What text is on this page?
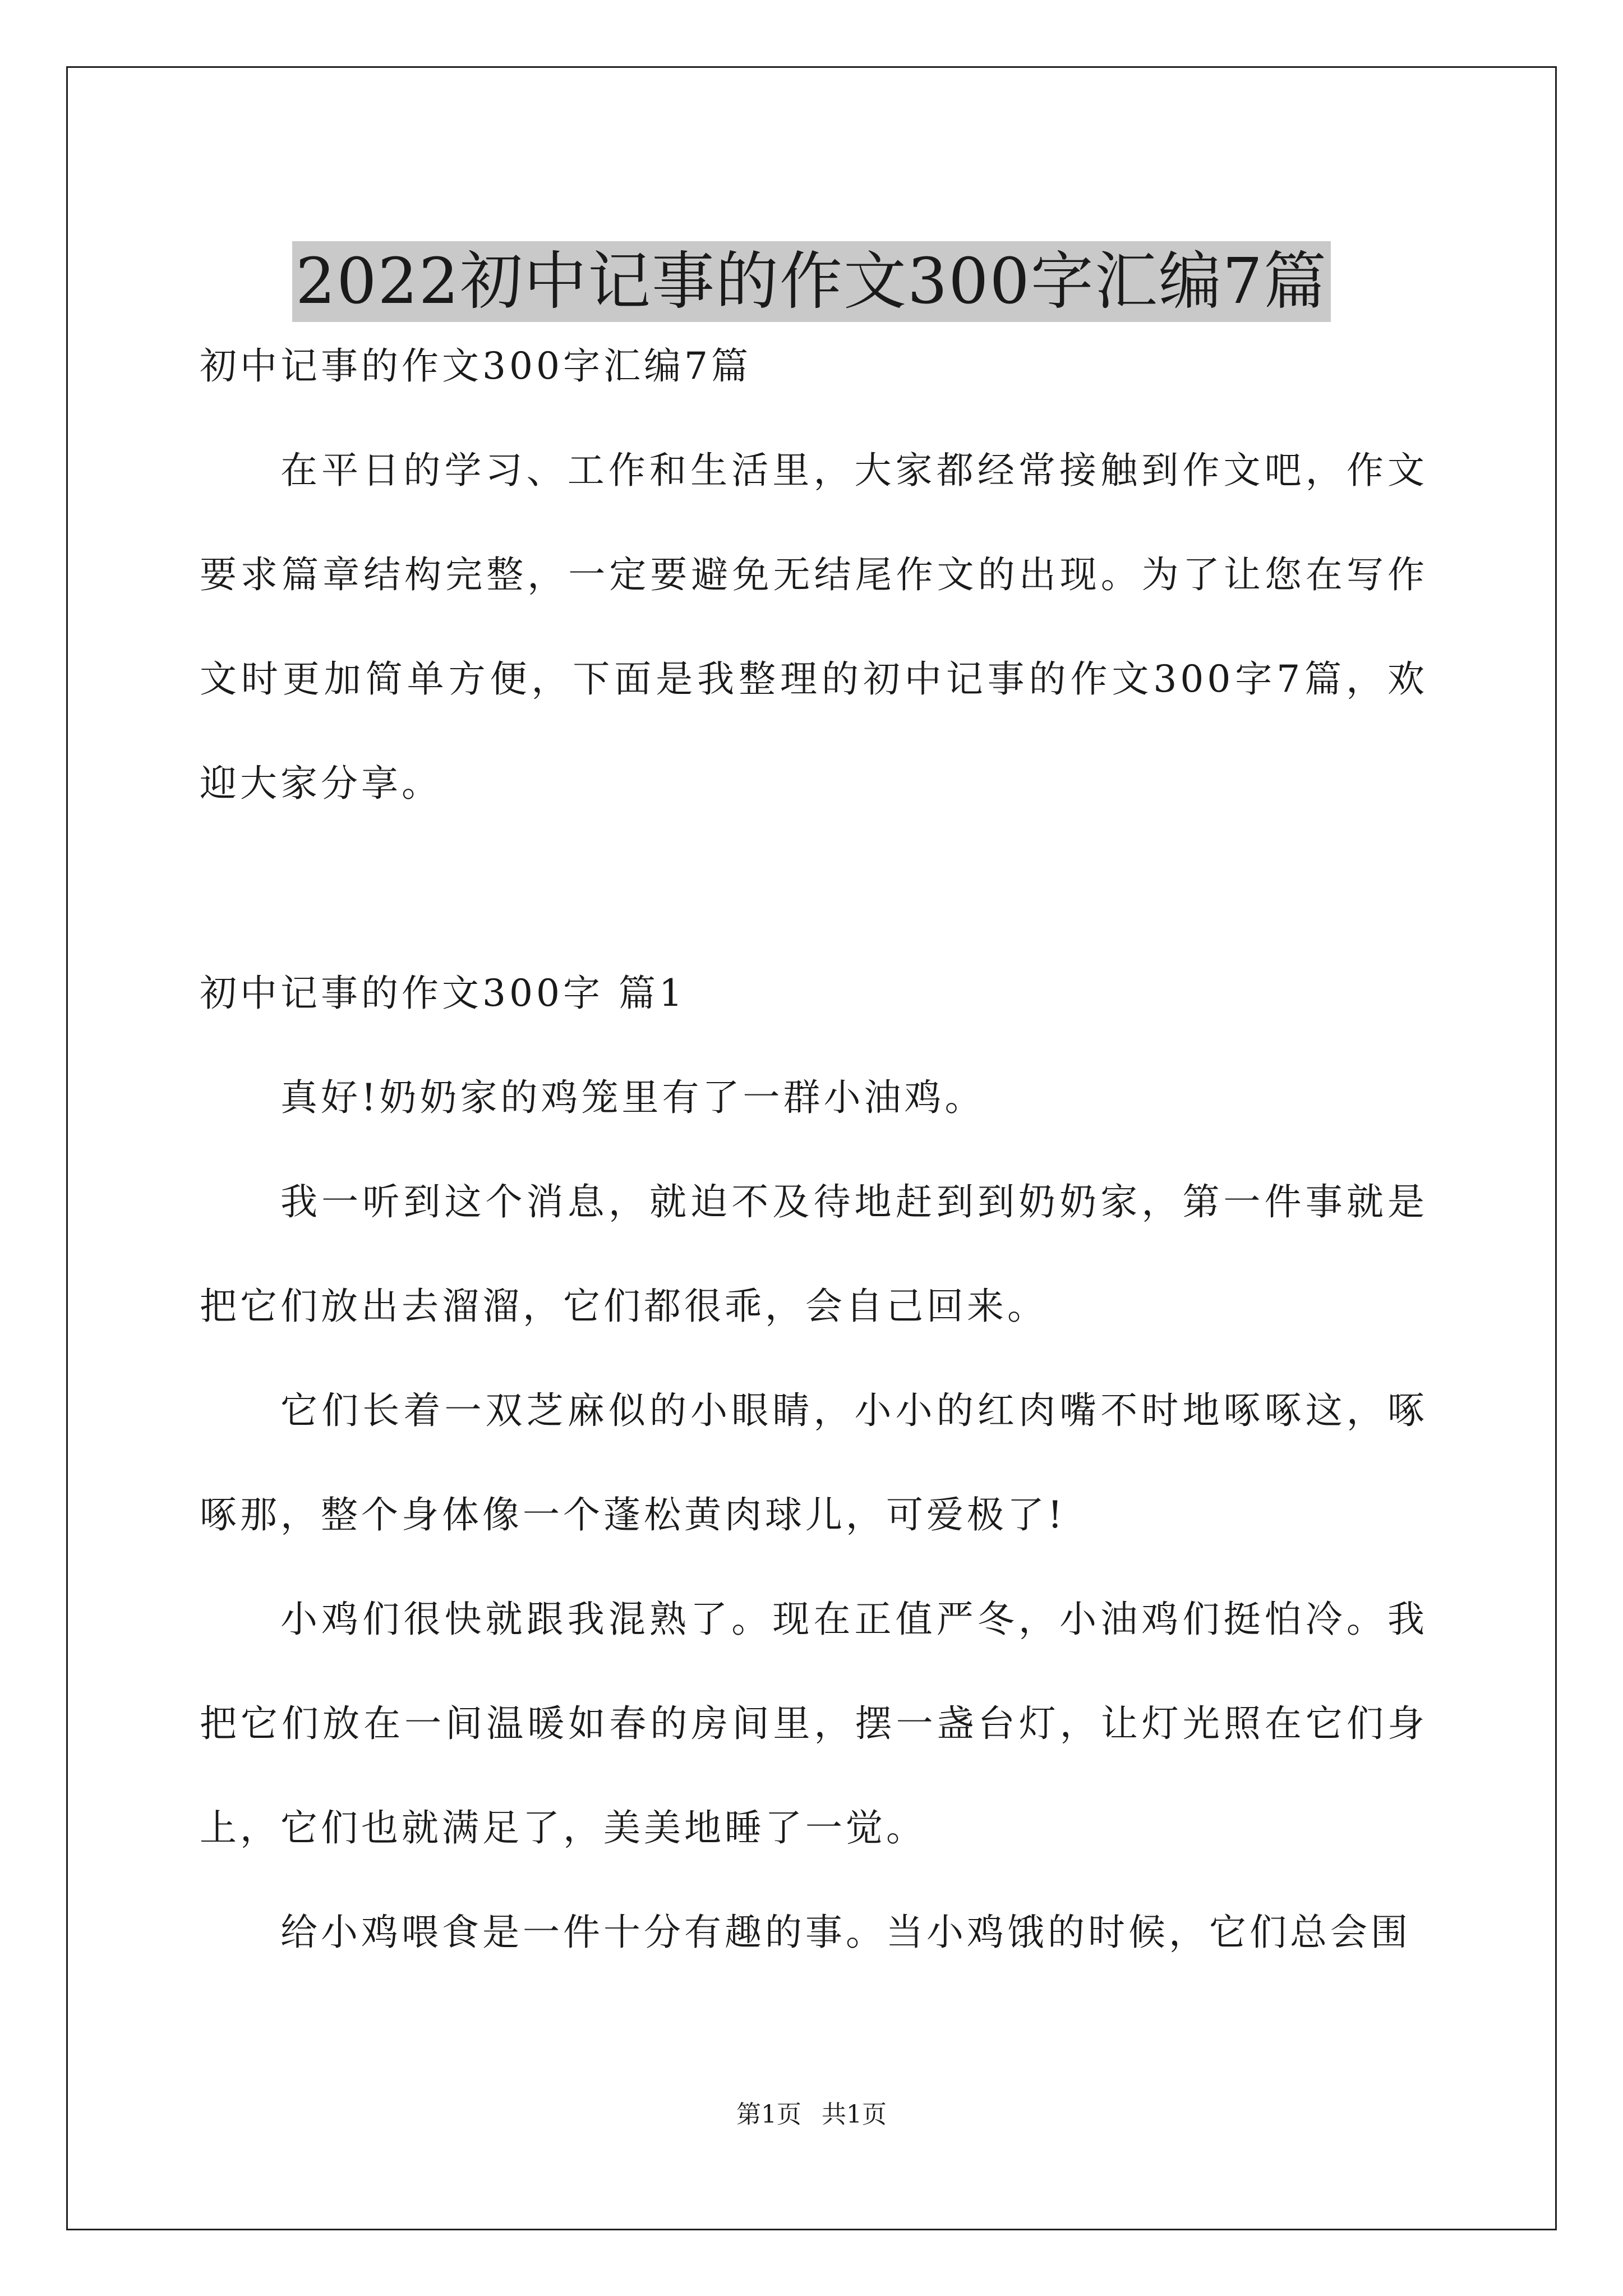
2022初中记事的作文300字汇编7篇

初中记事的作文300字汇编7篇

在平日的学习、工作和生活里，大家都经常接触到作文吧，作文要求篇章结构完整，一定要避免无结尾作文的出现。为了让您在写作文时更加简单方便，下面是我整理的初中记事的作文300字7篇，欢迎大家分享。

初中记事的作文300字 篇1

真好!奶奶家的鸡笼里有了一群小油鸡。

我一听到这个消息，就迫不及待地赶到到奶奶家，第一件事就是把它们放出去溜溜，它们都很乖，会自己回来。

它们长着一双芝麻似的小眼睛，小小的红肉嘴不时地啄啄这，啄啄那，整个身体像一个蓬松黄肉球儿，可爱极了!

小鸡们很快就跟我混熟了。现在正值严冬，小油鸡们挺怕冷。我把它们放在一间温暖如春的房间里，摆一盏台灯，让灯光照在它们身上，它们也就满足了，美美地睡了一觉。

给小鸡喂食是一件十分有趣的事。当小鸡饿的时候，它们总会围

第1页 共1页
